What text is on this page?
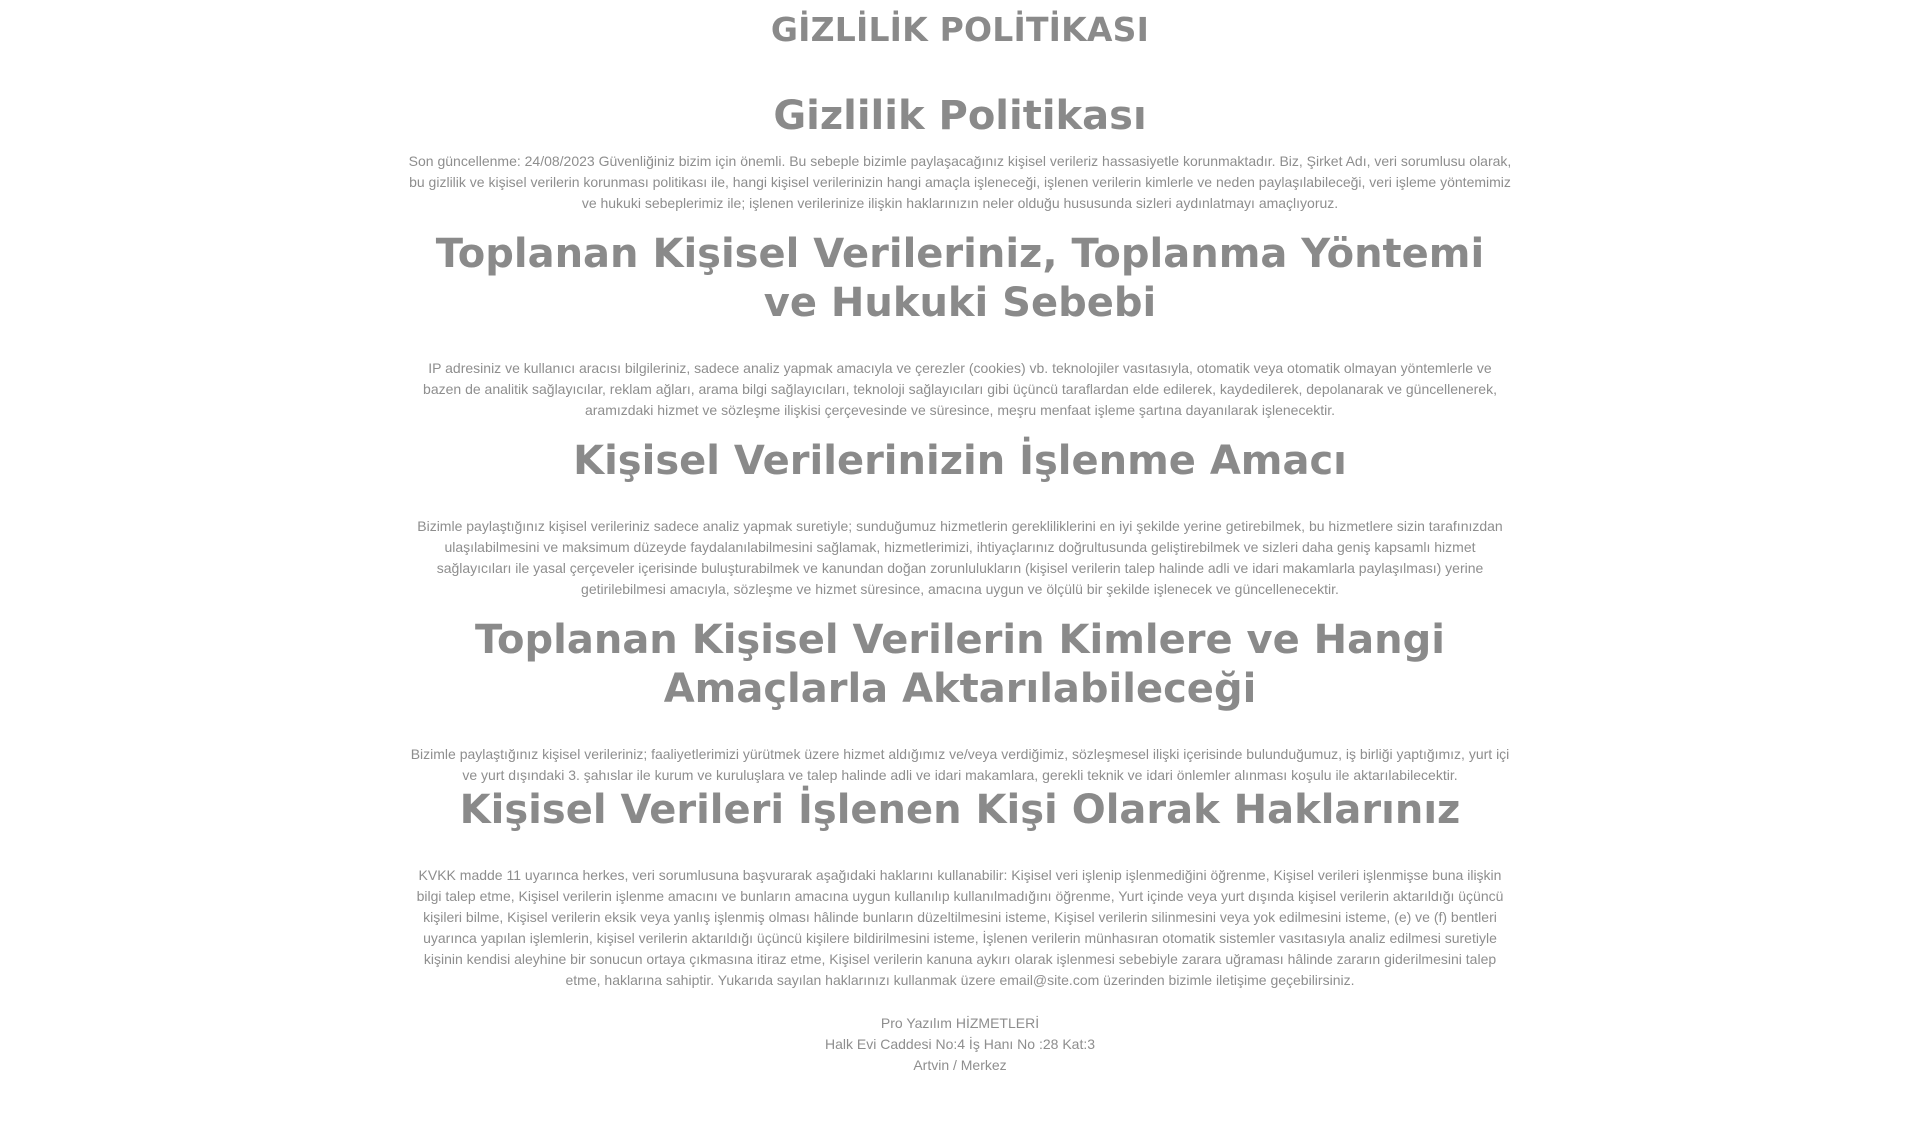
GİZLİLİK POLİTİKASI
Gizlilik Politikası

Son güncellenme: 24/08/2023 Güvenliğiniz bizim için önemli. Bu sebeple bizimle paylaşacağınız kişisel verileriz hassasiyetle korunmaktadır. Biz, Şirket Adı, veri sorumlusu olarak, bu gizlilik ve kişisel verilerin korunması politikası ile, hangi kişisel verilerinizin hangi amaçla işleneceği, işlenen verilerin kimlerle ve neden paylaşılabileceği, veri işleme yöntemimiz ve hukuki sebeplerimiz ile; işlenen verilerinize ilişkin haklarınızın neler olduğu hususunda sizleri aydınlatmayı amaçlıyoruz.

Toplanan Kişisel Verileriniz, Toplanma Yöntemi ve Hukuki Sebebi

IP adresiniz ve kullanıcı aracısı bilgileriniz, sadece analiz yapmak amacıyla ve çerezler (cookies) vb. teknolojiler vasıtasıyla, otomatik veya otomatik olmayan yöntemlerle ve bazen de analitik sağlayıcılar, reklam ağları, arama bilgi sağlayıcıları, teknoloji sağlayıcıları gibi üçüncü taraflardan elde edilerek, kaydedilerek, depolanarak ve güncellenerek, aramızdaki hizmet ve sözleşme ilişkisi çerçevesinde ve süresince, meşru menfaat işleme şartına dayanılarak işlenecektir.

Kişisel Verilerinizin İşlenme Amacı

Bizimle paylaştığınız kişisel verileriniz sadece analiz yapmak suretiyle; sunduğumuz hizmetlerin gerekliliklerini en iyi şekilde yerine getirebilmek, bu hizmetlere sizin tarafınızdan ulaşılabilmesini ve maksimum düzeyde faydalanılabilmesini sağlamak, hizmetlerimizi, ihtiyaçlarınız doğrultusunda geliştirebilmek ve sizleri daha geniş kapsamlı hizmet sağlayıcıları ile yasal çerçeveler içerisinde buluşturabilmek ve kanundan doğan zorunlulukların (kişisel verilerin talep halinde adli ve idari makamlarla paylaşılması) yerine getirilebilmesi amacıyla, sözleşme ve hizmet süresince, amacına uygun ve ölçülü bir şekilde işlenecek ve güncellenecektir.

Toplanan Kişisel Verilerin Kimlere ve Hangi Amaçlarla Aktarılabileceği

Bizimle paylaştığınız kişisel verileriniz; faaliyetlerimizi yürütmek üzere hizmet aldığımız ve/veya verdiğimiz, sözleşmesel ilişki içerisinde bulunduğumuz, iş birliği yaptığımız, yurt içi ve yurt dışındaki 3. şahıslar ile kurum ve kuruluşlara ve talep halinde adli ve idari makamlara, gerekli teknik ve idari önlemler alınması koşulu ile aktarılabilecektir.

Kişisel Verileri İşlenen Kişi Olarak Haklarınız

KVKK madde 11 uyarınca herkes, veri sorumlusuna başvurarak aşağıdaki haklarını kullanabilir: Kişisel veri işlenip işlenmediğini öğrenme, Kişisel verileri işlenmişse buna ilişkin bilgi talep etme, Kişisel verilerin işlenme amacını ve bunların amacına uygun kullanılıp kullanılmadığını öğrenme, Yurt içinde veya yurt dışında kişisel verilerin aktarıldığı üçüncü kişileri bilme, Kişisel verilerin eksik veya yanlış işlenmiş olması hâlinde bunların düzeltilmesini isteme, Kişisel verilerin silinmesini veya yok edilmesini isteme, (e) ve (f) bentleri uyarınca yapılan işlemlerin, kişisel verilerin aktarıldığı üçüncü kişilere bildirilmesini isteme, İşlenen verilerin münhasıran otomatik sistemler vasıtasıyla analiz edilmesi suretiyle kişinin kendisi aleyhine bir sonucun ortaya çıkmasına itiraz etme, Kişisel verilerin kanuna aykırı olarak işlenmesi sebebiyle zarara uğraması hâlinde zararın giderilmesini talep etme, haklarına sahiptir. Yukarıda sayılan haklarınızı kullanmak üzere email@site.com üzerinden bizimle iletişime geçebilirsiniz.

Pro Yazılım HİZMETLERİ
Halk Evi Caddesi No:4 İş Hanı No :28 Kat:3
Artvin / Merkez
